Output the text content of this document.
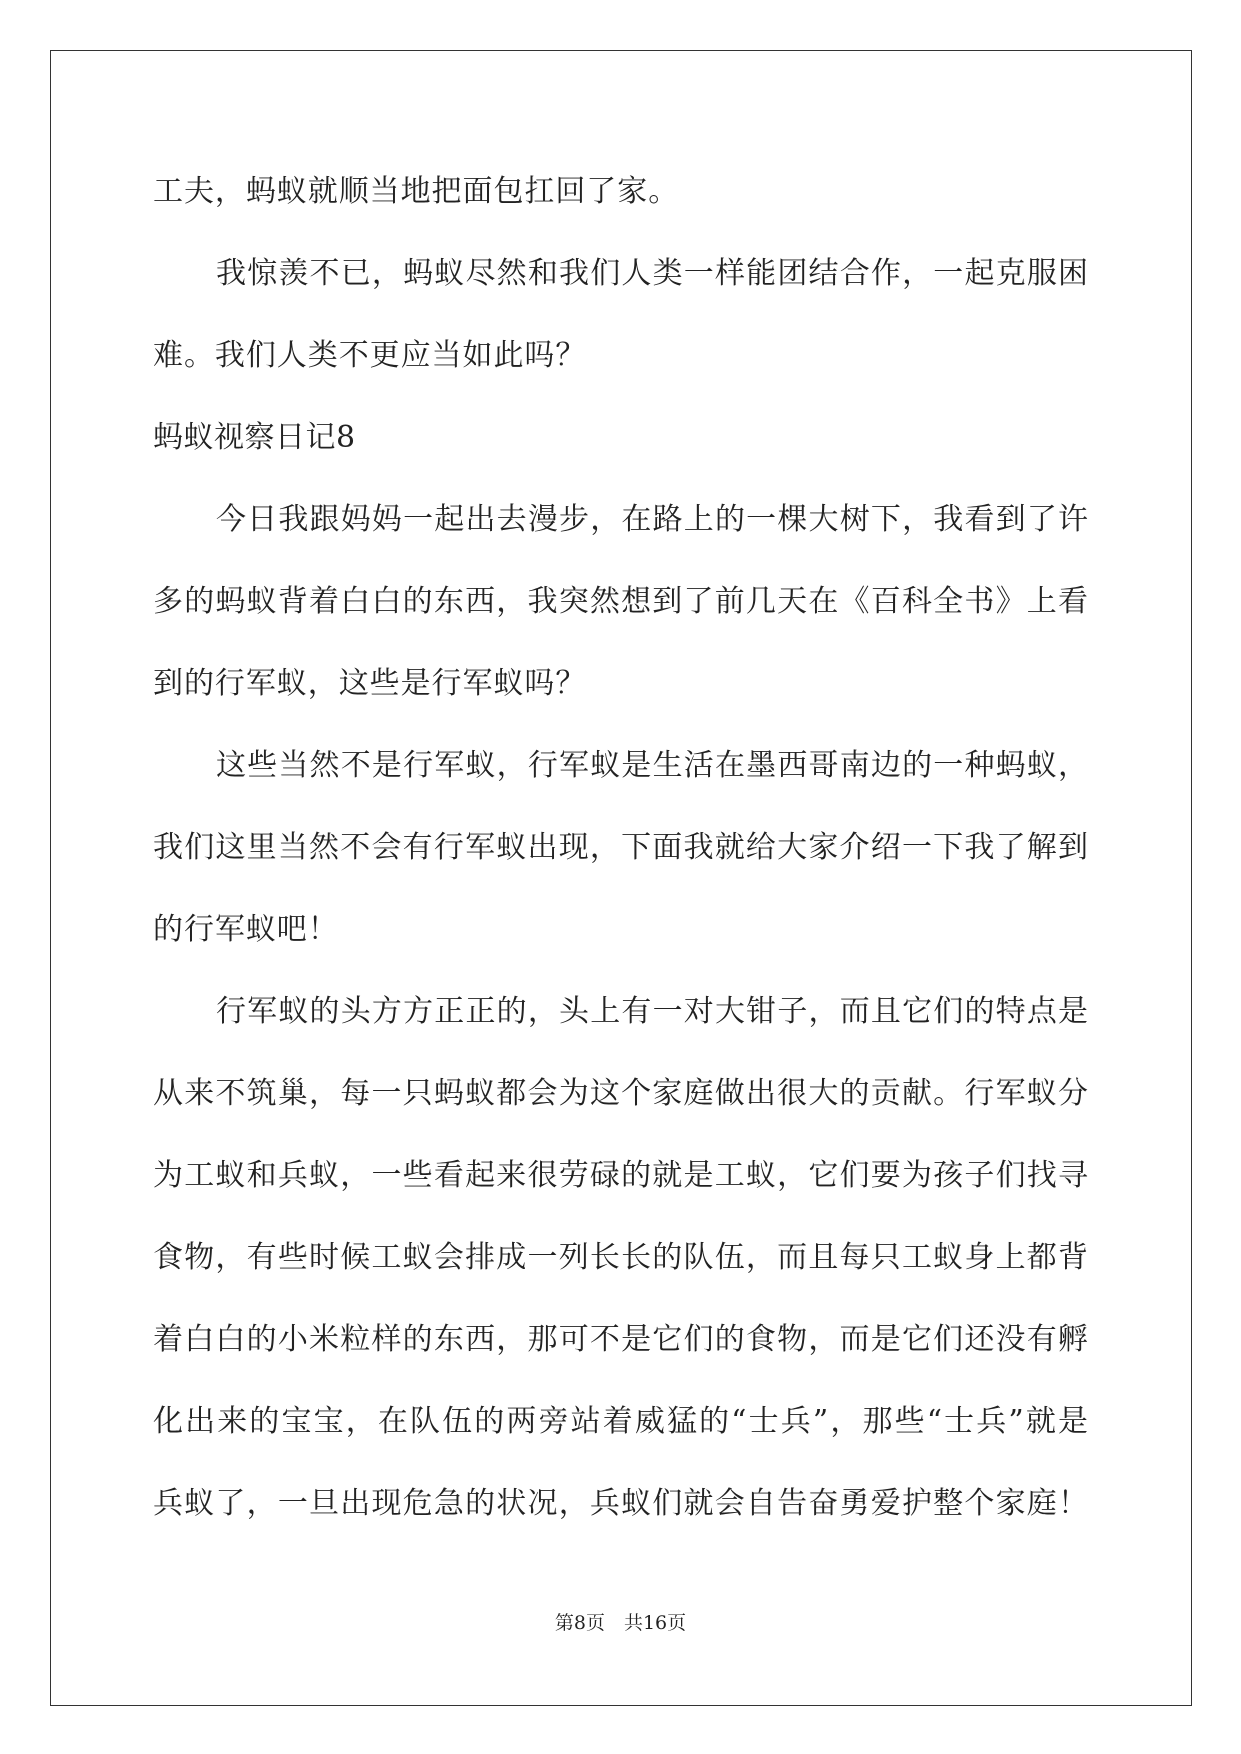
工夫，蚂蚁就顺当地把面包扛回了家。

我惊羡不已，蚂蚁尽然和我们人类一样能团结合作，一起克服困

难。我们人类不更应当如此吗？

蚂蚁视察日记8

今日我跟妈妈一起出去漫步，在路上的一棵大树下，我看到了许

多的蚂蚁背着白白的东西，我突然想到了前几天在《百科全书》上看

到的行军蚁，这些是行军蚁吗？

这些当然不是行军蚁，行军蚁是生活在墨西哥南边的一种蚂蚁，

我们这里当然不会有行军蚁出现，下面我就给大家介绍一下我了解到

的行军蚁吧！

行军蚁的头方方正正的，头上有一对大钳子，而且它们的特点是

从来不筑巢，每一只蚂蚁都会为这个家庭做出很大的贡献。行军蚁分

为工蚁和兵蚁，一些看起来很劳碌的就是工蚁，它们要为孩子们找寻

食物，有些时候工蚁会排成一列长长的队伍，而且每只工蚁身上都背

着白白的小米粒样的东西，那可不是它们的食物，而是它们还没有孵

化出来的宝宝，在队伍的两旁站着威猛的“士兵”，那些“士兵”就是

兵蚁了，一旦出现危急的状况，兵蚁们就会自告奋勇爱护整个家庭！

第8页　共16页
